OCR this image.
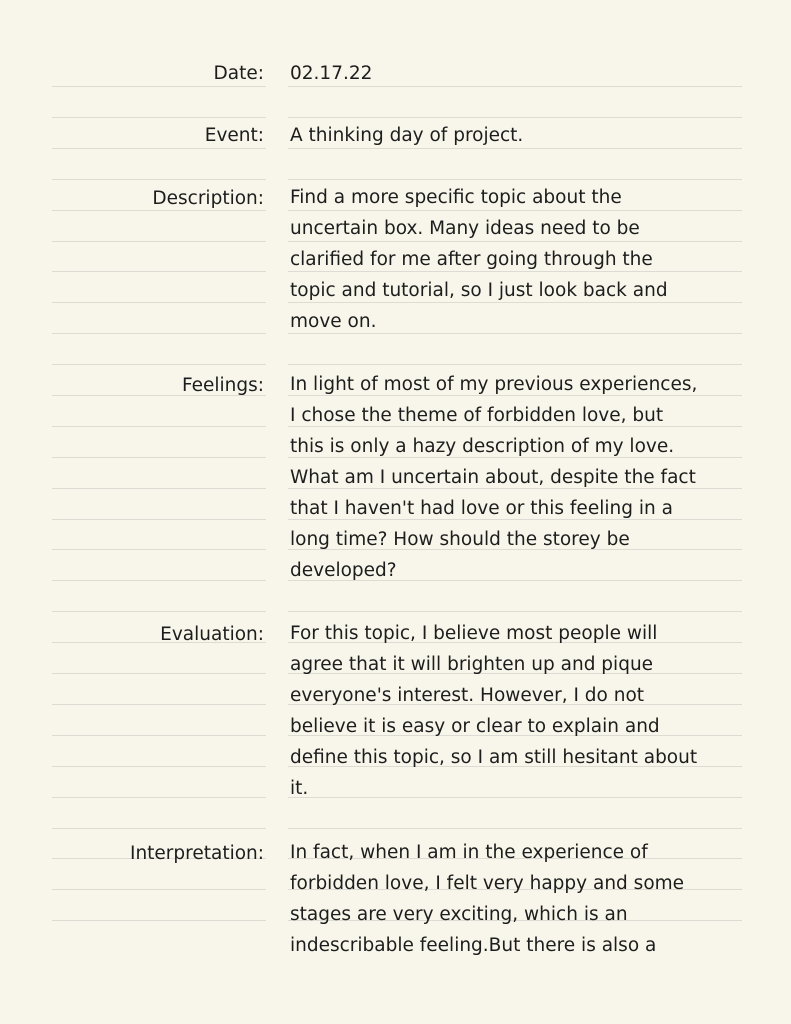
Date: 02.17.22
Event: A thinking day of project.
Description: Find a more specific topic about the
uncertain box. Many ideas need to be
clarified for me after going through the
topic and tutorial, so I just look back and
move on.
Feelings: In light of most of my previous experiences,
I chose the theme of forbidden love, but
this is only a hazy description of my love.
What am I uncertain about, despite the fact
that I haven't had love or this feeling in a
long time? How should the storey be
developed?
Evaluation: For this topic, I believe most people will
agree that it will brighten up and pique
everyone's interest. However, I do not
believe it is easy or clear to explain and
define this topic, so I am still hesitant about
it.
Interpretation: In fact, when I am in the experience of
forbidden love, I felt very happy and some
stages are very exciting, which is an
indescribable feeling.But there is also a
